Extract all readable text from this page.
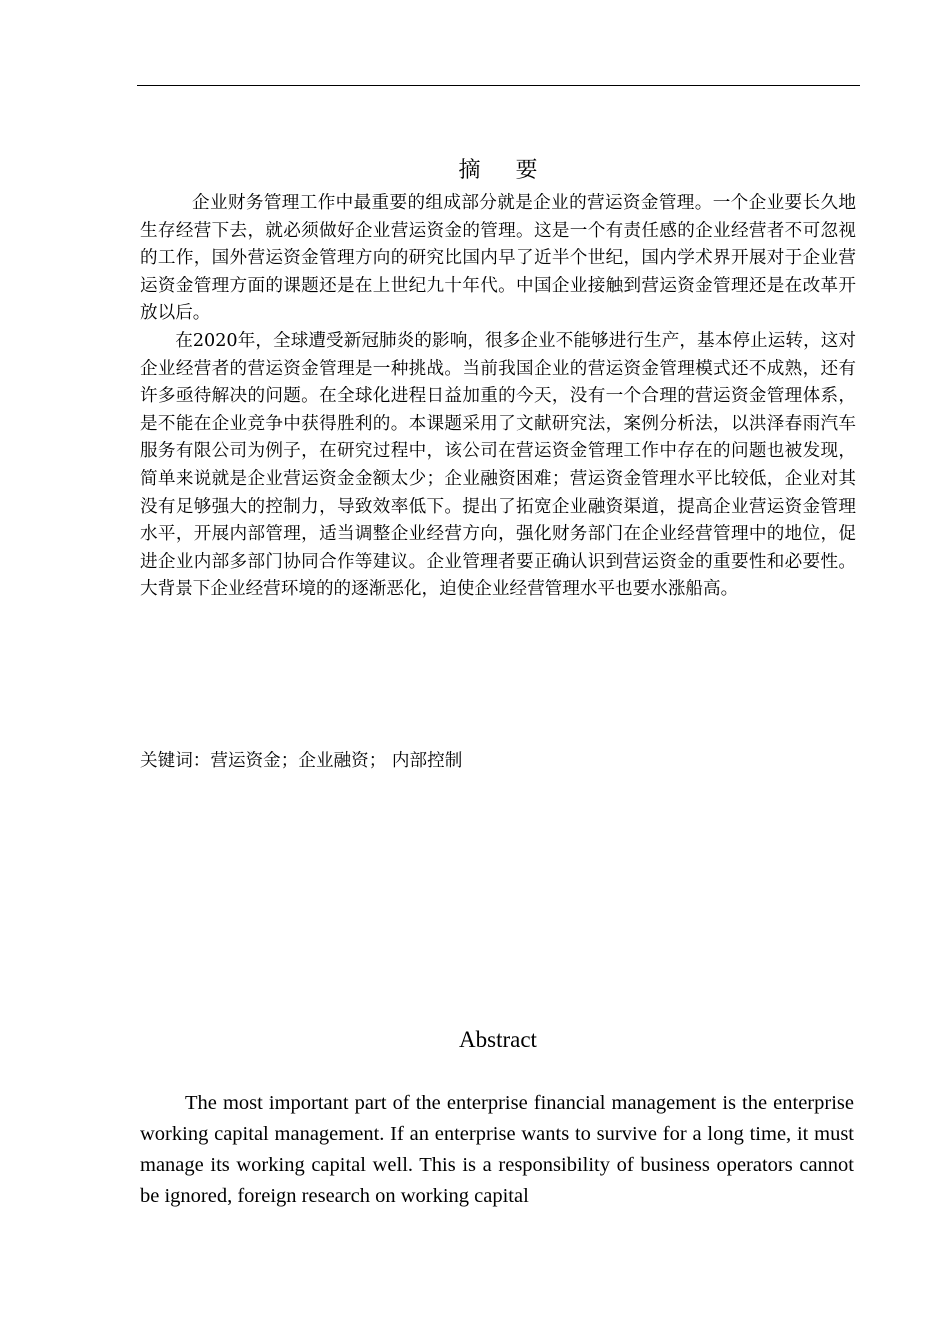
摘 要

企业财务管理工作中最重要的组成部分就是企业的营运资金管理。一个企业要长久地生存经营下去，就必须做好企业营运资金的管理。这是一个有责任感的企业经营者不可忽视的工作，国外营运资金管理方向的研究比国内早了近半个世纪，国内学术界开展对于企业营运资金管理方面的课题还是在上世纪九十年代。中国企业接触到营运资金管理还是在改革开放以后。

在2020年，全球遭受新冠肺炎的影响，很多企业不能够进行生产，基本停止运转，这对企业经营者的营运资金管理是一种挑战。当前我国企业的营运资金管理模式还不成熟，还有许多亟待解决的问题。在全球化进程日益加重的今天，没有一个合理的营运资金管理体系，是不能在企业竞争中获得胜利的。本课题采用了文献研究法，案例分析法，以洪泽春雨汽车服务有限公司为例子，在研究过程中，该公司在营运资金管理工作中存在的问题也被发现，简单来说就是企业营运资金金额太少；企业融资困难；营运资金管理水平比较低，企业对其没有足够强大的控制力，导致效率低下。提出了拓宽企业融资渠道，提高企业营运资金管理水平，开展内部管理，适当调整企业经营方向，强化财务部门在企业经营管理中的地位，促进企业内部多部门协同合作等建议。企业管理者要正确认识到营运资金的重要性和必要性。大背景下企业经营环境的的逐渐恶化，迫使企业经营管理水平也要水涨船高。

关键词：营运资金；企业融资； 内部控制
Abstract

The most important part of the enterprise financial management is the enterprise working capital management. If an enterprise wants to survive for a long time, it must manage its working capital well. This is a responsibility of business operators cannot be ignored, foreign research on working capital
